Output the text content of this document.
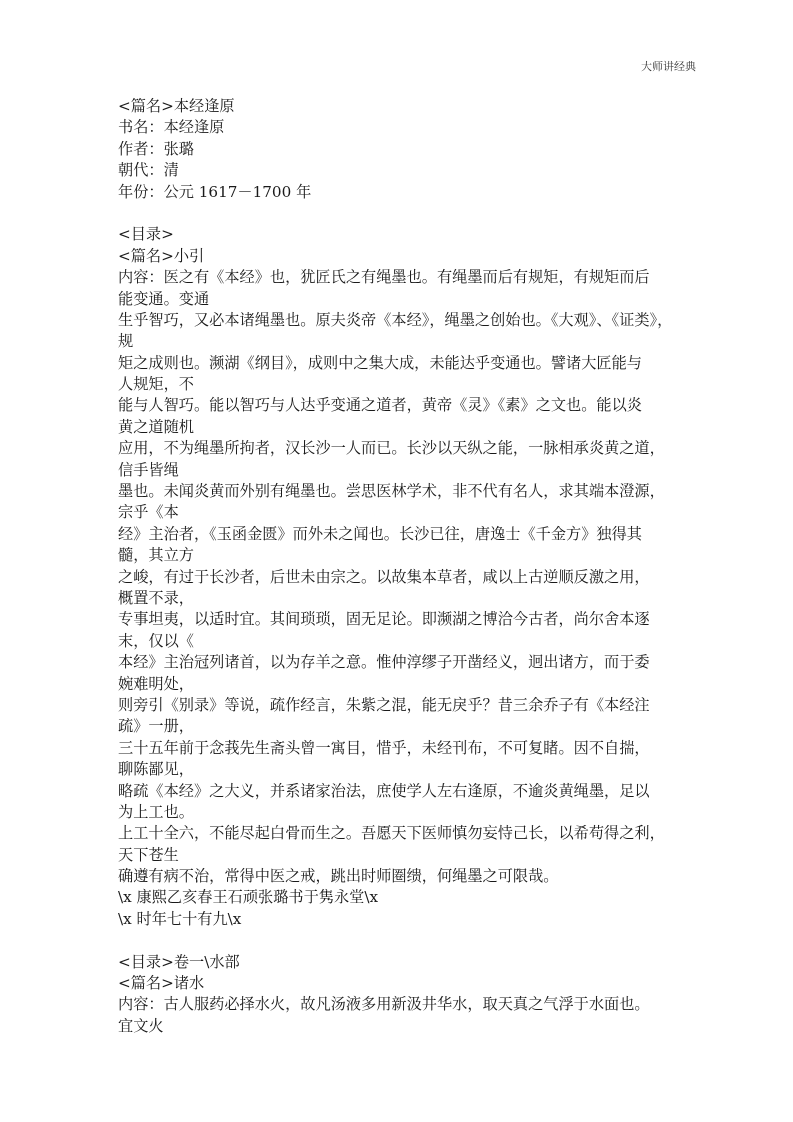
大师讲经典
<篇名>本经逢原
书名：本经逢原
作者：张璐
朝代：清
年份：公元 1617－1700 年
<目录>
<篇名>小引
内容：医之有《本经》也，犹匠氏之有绳墨也。有绳墨而后有规矩，有规矩而后
能变通。变通
生乎智巧，又必本诸绳墨也。原夫炎帝《本经》，绳墨之创始也。《大观》、《证类》，
规
矩之成则也。濒湖《纲目》，成则中之集大成，未能达乎变通也。譬诸大匠能与
人规矩，不
能与人智巧。能以智巧与人达乎变通之道者，黄帝《灵》《素》之文也。能以炎
黄之道随机
应用，不为绳墨所拘者，汉长沙一人而已。长沙以天纵之能，一脉相承炎黄之道，
信手皆绳
墨也。未闻炎黄而外别有绳墨也。尝思医林学术，非不代有名人，求其端本澄源，
宗乎《本
经》主治者，《玉函金匮》而外未之闻也。长沙已往，唐逸士《千金方》独得其
髓，其立方
之峻，有过于长沙者，后世未由宗之。以故集本草者，咸以上古逆顺反激之用，
概置不录，
专事坦夷，以适时宜。其间琐琐，固无足论。即濒湖之博洽今古者，尚尔舍本逐
末，仅以《
本经》主治冠列诸首，以为存羊之意。惟仲淳缪子开凿经义，迥出诸方，而于委
婉难明处，
则旁引《别录》等说，疏作经言，朱紫之混，能无戾乎？昔三余乔子有《本经注
疏》一册，
三十五年前于念莪先生斋头曾一寓目，惜乎，未经刊布，不可复睹。因不自揣，
聊陈鄙见，
略疏《本经》之大义，并系诸家治法，庶使学人左右逢原，不逾炎黄绳墨，足以
为上工也。
上工十全六，不能尽起白骨而生之。吾愿天下医师慎勿妄恃己长，以希苟得之利，
天下苍生
确遵有病不治，常得中医之戒，跳出时师圈缋，何绳墨之可限哉。
\x 康熙乙亥春王石顽张璐书于隽永堂\x
\x 时年七十有九\x
<目录>卷一\水部
<篇名>诸水
内容：古人服药必择水火，故凡汤液多用新汲井华水，取天真之气浮于水面也。
宜文火
